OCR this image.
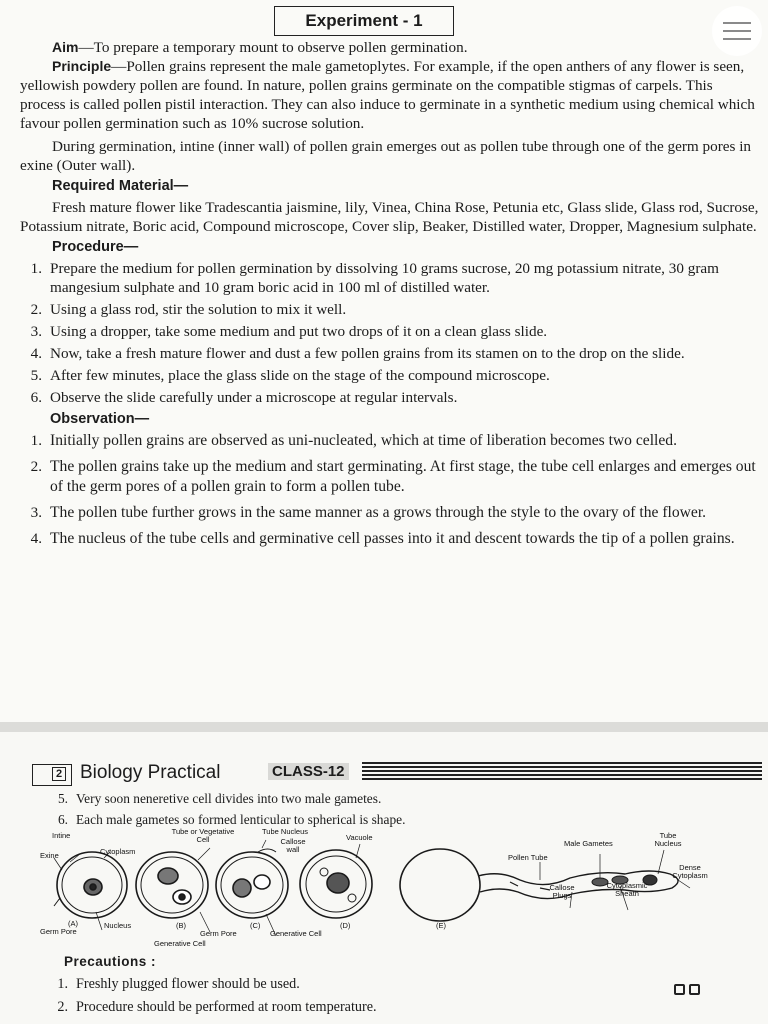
Experiment - 1

Aim—To prepare a temporary mount to observe pollen germination.

Principle—Pollen grains represent the male gametoplytes. For example, if the open anthers of any flower is seen, yellowish powdery pollen are found. In nature, pollen grains germinate on the compatible stigmas of carpels. This process is called pollen pistil interaction. They can also induce to germinate in a synthetic medium using chemical which favour pollen germination such as 10% sucrose solution.

During germination, intine (inner wall) of pollen grain emerges out as pollen tube through one of the germ pores in exine (Outer wall).

Required Material—

Fresh mature flower like Tradescantia jaismine, lily, Vinea, China Rose, Petunia etc, Glass slide, Glass rod, Sucrose, Potassium nitrate, Boric acid, Compound microscope, Cover slip, Beaker, Distilled water, Dropper, Magnesium sulphate.

Procedure—
1. Prepare the medium for pollen germination by dissolving 10 grams sucrose, 20 mg potassium nitrate, 30 gram mangesium sulphate and 10 gram boric acid in 100 ml of distilled water.
2. Using a glass rod, stir the solution to mix it well.
3. Using a dropper, take some medium and put two drops of it on a clean glass slide.
4. Now, take a fresh mature flower and dust a few pollen grains from its stamen on to the drop on the slide.
5. After few minutes, place the glass slide on the stage of the compound microscope.
6. Observe the slide carefully under a microscope at regular intervals.
Observation—
1. Initially pollen grains are observed as uni-nucleated, which at time of liberation becomes two celled.
2. The pollen grains take up the medium and start germinating. At first stage, the tube cell enlarges and emerges out of the germ pores of a pollen grain to form a pollen tube.
3. The pollen tube further grows in the same manner as a grows through the style to the ovary of the flower.
4. The nucleus of the tube cells and germinative cell passes into it and descent towards the tip of a pollen grains.
2 Biology Practical	CLASS-12
5. Very soon neneretive cell divides into two male gametes.
6. Each male gametes so formed lenticular to spherical is shape.
Intine
Exine	Cytoplasm
Tube or Vegetative Cell
Tube Nucleus
Callose wall
Vacuole
(A)
Germ Pore
Nucleus	(B)
Germ Pore
Generative Cell
(C)
Generative Cell
(D)	(E)
Pollen Tube
Male Gametes
Tube Nucleus
Dense Cytoplasm
Callose Plugs
Cytoplasmic Sheath
Precautions :
1. Freshly plugged flower should be used.
2. Procedure should be performed at room temperature.
